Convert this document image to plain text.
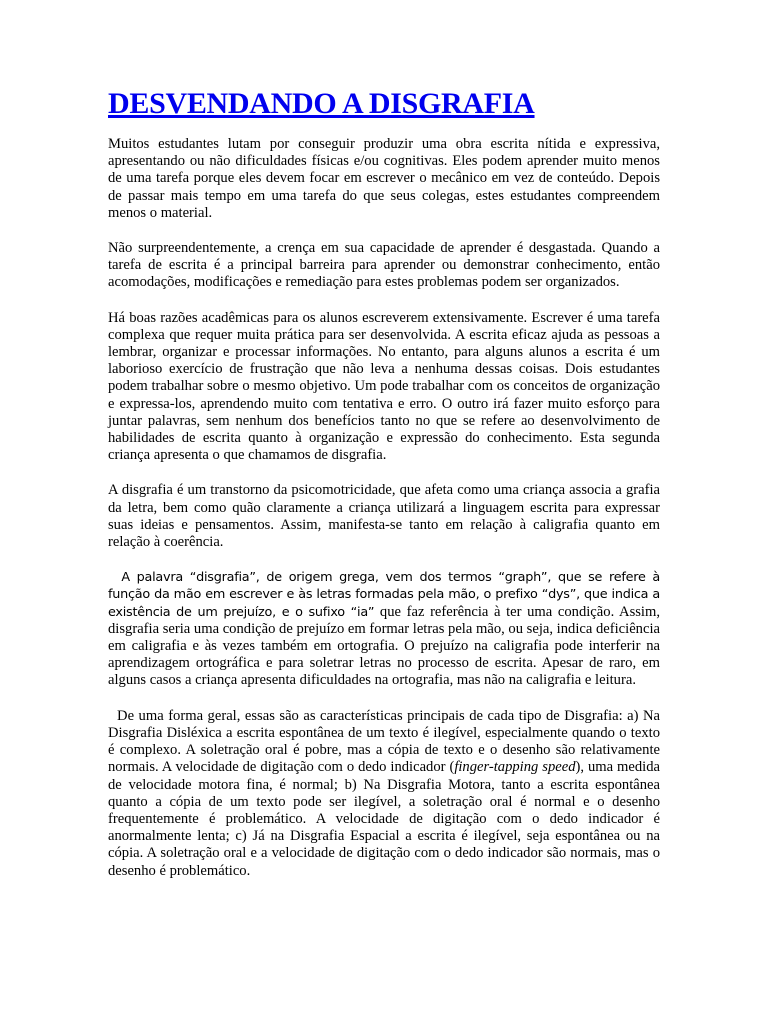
DESVENDANDO A DISGRAFIA

Muitos estudantes lutam por conseguir produzir uma obra escrita nítida e expressiva, apresentando ou não dificuldades físicas e/ou cognitivas. Eles podem aprender muito menos de uma tarefa porque eles devem focar em escrever o mecânico em vez de conteúdo. Depois de passar mais tempo em uma tarefa do que seus colegas, estes estudantes compreendem menos o material.

Não surpreendentemente, a crença em sua capacidade de aprender é desgastada. Quando a tarefa de escrita é a principal barreira para aprender ou demonstrar conhecimento, então acomodações, modificações e remediação para estes problemas podem ser organizados.

Há boas razões acadêmicas para os alunos escreverem extensivamente. Escrever é uma tarefa complexa que requer muita prática para ser desenvolvida. A escrita eficaz ajuda as pessoas a lembrar, organizar e processar informações. No entanto, para alguns alunos a escrita é um laborioso exercício de frustração que não leva a nenhuma dessas coisas. Dois estudantes podem trabalhar sobre o mesmo objetivo. Um pode trabalhar com os conceitos de organização e expressa-los, aprendendo muito com tentativa e erro. O outro irá fazer muito esforço para juntar palavras, sem nenhum dos benefícios tanto no que se refere ao desenvolvimento de habilidades de escrita quanto à organização e expressão do conhecimento. Esta segunda criança apresenta o que chamamos de disgrafia.

A disgrafia é um transtorno da psicomotricidade, que afeta como uma criança associa a grafia da letra, bem como quão claramente a criança utilizará a linguagem escrita para expressar suas ideias e pensamentos. Assim, manifesta-se tanto em relação à caligrafia quanto em relação à coerência.

A palavra “disgrafia”, de origem grega, vem dos termos “graph”, que se refere à função da mão em escrever e às letras formadas pela mão, o prefixo “dys”, que indica a existência de um prejuízo, e o sufixo “ia” que faz referência à ter uma condição. Assim, disgrafia seria uma condição de prejuízo em formar letras pela mão, ou seja, indica deficiência em caligrafia e às vezes também em ortografia. O prejuízo na caligrafia pode interferir na aprendizagem ortográfica e para soletrar letras no processo de escrita. Apesar de raro, em alguns casos a criança apresenta dificuldades na ortografia, mas não na caligrafia e leitura.

De uma forma geral, essas são as características principais de cada tipo de Disgrafia: a) Na Disgrafia Disléxica a escrita espontânea de um texto é ilegível, especialmente quando o texto é complexo. A soletração oral é pobre, mas a cópia de texto e o desenho são relativamente normais. A velocidade de digitação com o dedo indicador (finger-tapping speed), uma medida de velocidade motora fina, é normal; b) Na Disgrafia Motora, tanto a escrita espontânea quanto a cópia de um texto pode ser ilegível, a soletração oral é normal e o desenho frequentemente é problemático. A velocidade de digitação com o dedo indicador é anormalmente lenta; c) Já na Disgrafia Espacial a escrita é ilegível, seja espontânea ou na cópia. A soletração oral e a velocidade de digitação com o dedo indicador são normais, mas o desenho é problemático.
